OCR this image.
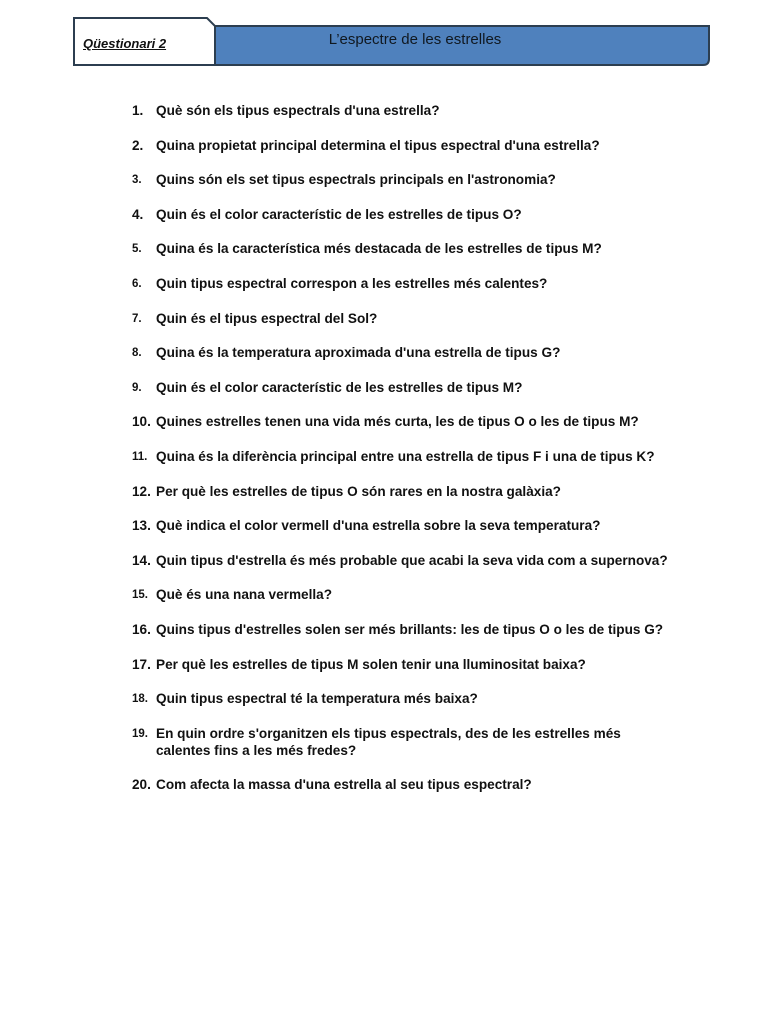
Qüestionari 2	L’espectre de les estrelles
1. Què són els tipus espectrals d'una estrella?
2. Quina propietat principal determina el tipus espectral d'una estrella?
3. Quins són els set tipus espectrals principals en l'astronomia?
4. Quin és el color característic de les estrelles de tipus O?
5. Quina és la característica més destacada de les estrelles de tipus M?
6. Quin tipus espectral correspon a les estrelles més calentes?
7. Quin és el tipus espectral del Sol?
8. Quina és la temperatura aproximada d'una estrella de tipus G?
9. Quin és el color característic de les estrelles de tipus M?
10. Quines estrelles tenen una vida més curta, les de tipus O o les de tipus M?
11. Quina és la diferència principal entre una estrella de tipus F i una de tipus K?
12. Per què les estrelles de tipus O són rares en la nostra galàxia?
13. Què indica el color vermell d'una estrella sobre la seva temperatura?
14. Quin tipus d'estrella és més probable que acabi la seva vida com a supernova?
15. Què és una nana vermella?
16. Quins tipus d'estrelles solen ser més brillants: les de tipus O o les de tipus G?
17. Per què les estrelles de tipus M solen tenir una lluminositat baixa?
18. Quin tipus espectral té la temperatura més baixa?
19. En quin ordre s'organitzen els tipus espectrals, des de les estrelles més calentes fins a les més fredes?
20. Com afecta la massa d'una estrella al seu tipus espectral?
